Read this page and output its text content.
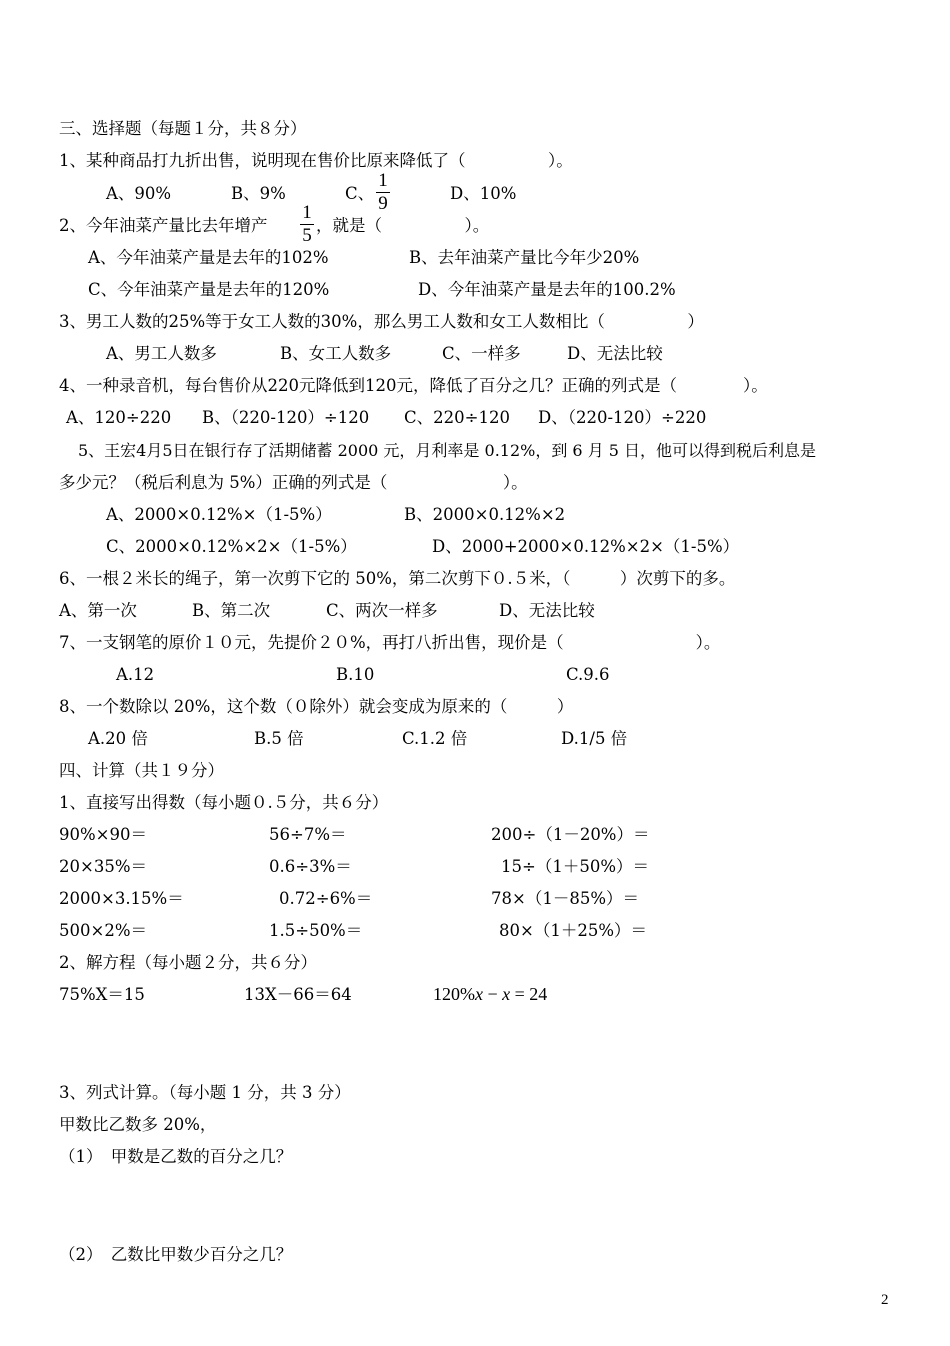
三、选择题（每题１分，共８分）
1、某种商品打九折出售，说明现在售价比原来降低了（　　　　　）。
A、90%	B、9%	C、 $\frac{1}{9}$	D、10%
2、今年油菜产量比去年增产 $\frac{1}{5}$ ，就是（　　　　　）。
A、今年油菜产量是去年的102%	B、去年油菜产量比今年少20%
C、今年油菜产量是去年的120%	D、今年油菜产量是去年的100.2%
3、男工人数的25%等于女工人数的30%，那么男工人数和女工人数相比（　　　　　）
A、男工人数多	B、女工人数多	C、一样多	D、无法比较
4、一种录音机，每台售价从220元降低到120元，降低了百分之几？正确的列式是（　　　　）。
A、120÷220 B、（220-120）÷120 C、220÷120 D、（220-120）÷220
5、王宏4月5日在银行存了活期储蓄 2000 元，月利率是 0.12%，到 6 月 5 日，他可以得到税后利息是
多少元？（税后利息为 5%）正确的列式是（　　　　　　　）。
A、2000×0.12%×（1-5%）	B、2000×0.12%×2
C、2000×0.12%×2×（1-5%）	D、2000+2000×0.12%×2×（1-5%）
6、一根２米长的绳子，第一次剪下它的 50%，第二次剪下０.５米，（　　　）次剪下的多。
A、第一次	B、第二次	C、两次一样多	D、无法比较
7、一支钢笔的原价１０元，先提价２０%，再打八折出售，现价是（　　　　　　　　）。
A.12	B.10	C.9.6
8、一个数除以 20%，这个数（０除外）就会变成为原来的（　　　）
A.20 倍	B.5 倍	C.1.2 倍	D.1/5 倍
四、计算（共１９分）
1、直接写出得数（每小题０.５分，共６分）
90%×90＝	56÷7%＝	200÷（1－20%）＝
20×35%＝	0.6÷3%＝	15÷（1＋50%）＝
2000×3.15%＝	0.72÷6%＝	78×（1－85%）＝
500×2%＝	1.5÷50%＝	80×（1＋25%）＝
2、解方程（每小题２分，共６分）
75%X＝15	13X－66＝64	120%x − x = 24
3、列式计算。（每小题 1 分，共 3 分）
甲数比乙数多 20%，
（1）　甲数是乙数的百分之几？
（2）　乙数比甲数少百分之几？
2
